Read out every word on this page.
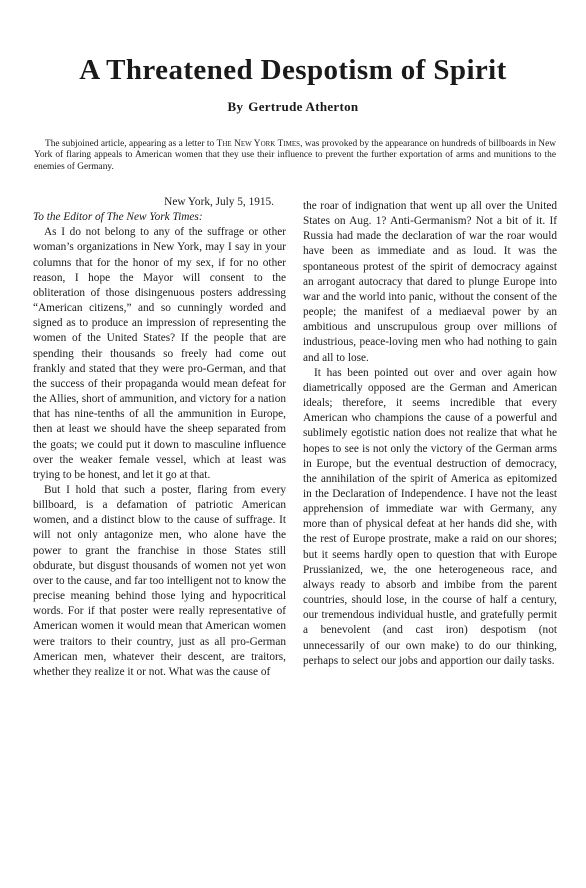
A Threatened Despotism of Spirit
By Gertrude Atherton

The subjoined article, appearing as a letter to The New York Times, was provoked by the appearance on hundreds of billboards in New York of flaring appeals to American women that they use their influence to prevent the further exportation of arms and munitions to the enemies of Germany.

New York, July 5, 1915.

To the Editor of The New York Times:

As I do not belong to any of the suffrage or other woman’s organizations in New York, may I say in your columns that for the honor of my sex, if for no other reason, I hope the Mayor will consent to the obliteration of those disingenuous posters addressing “American citizens,” and so cunningly worded and signed as to produce an impression of representing the women of the United States? If the people that are spending their thousands so freely had come out frankly and stated that they were pro-German, and that the success of their propaganda would mean defeat for the Allies, short of ammunition, and victory for a nation that has nine-tenths of all the ammunition in Europe, then at least we should have the sheep separated from the goats; we could put it down to masculine influence over the weaker female vessel, which at least was trying to be honest, and let it go at that.

But I hold that such a poster, flaring from every billboard, is a defamation of patriotic American women, and a distinct blow to the cause of suffrage. It will not only antagonize men, who alone have the power to grant the franchise in those States still obdurate, but disgust thousands of women not yet won over to the cause, and far too intelligent not to know the precise meaning behind those lying and hypocritical words. For if that poster were really representative of American women it would mean that American women were traitors to their country, just as all pro-German American men, whatever their descent, are traitors, whether they realize it or not. What was the cause of

the roar of indignation that went up all over the United States on Aug. 1? Anti-Germanism? Not a bit of it. If Russia had made the declaration of war the roar would have been as immediate and as loud. It was the spontaneous protest of the spirit of democracy against an arrogant autocracy that dared to plunge Europe into war and the world into panic, without the consent of the people; the manifest of a mediaeval power by an ambitious and unscrupulous group over millions of industrious, peace-loving men who had nothing to gain and all to lose.

It has been pointed out over and over again how diametrically opposed are the German and American ideals; therefore, it seems incredible that every American who champions the cause of a powerful and sublimely egotistic nation does not realize that what he hopes to see is not only the victory of the German arms in Europe, but the eventual destruction of democracy, the annihilation of the spirit of America as epitomized in the Declaration of Independence. I have not the least apprehension of immediate war with Germany, any more than of physical defeat at her hands did she, with the rest of Europe prostrate, make a raid on our shores; but it seems hardly open to question that with Europe Prussianized, we, the one heterogeneous race, and always ready to absorb and imbibe from the parent countries, should lose, in the course of half a century, our tremendous individual hustle, and gratefully permit a benevolent (and cast iron) despotism (not unnecessarily of our own make) to do our thinking, perhaps to select our jobs and apportion our daily tasks.
